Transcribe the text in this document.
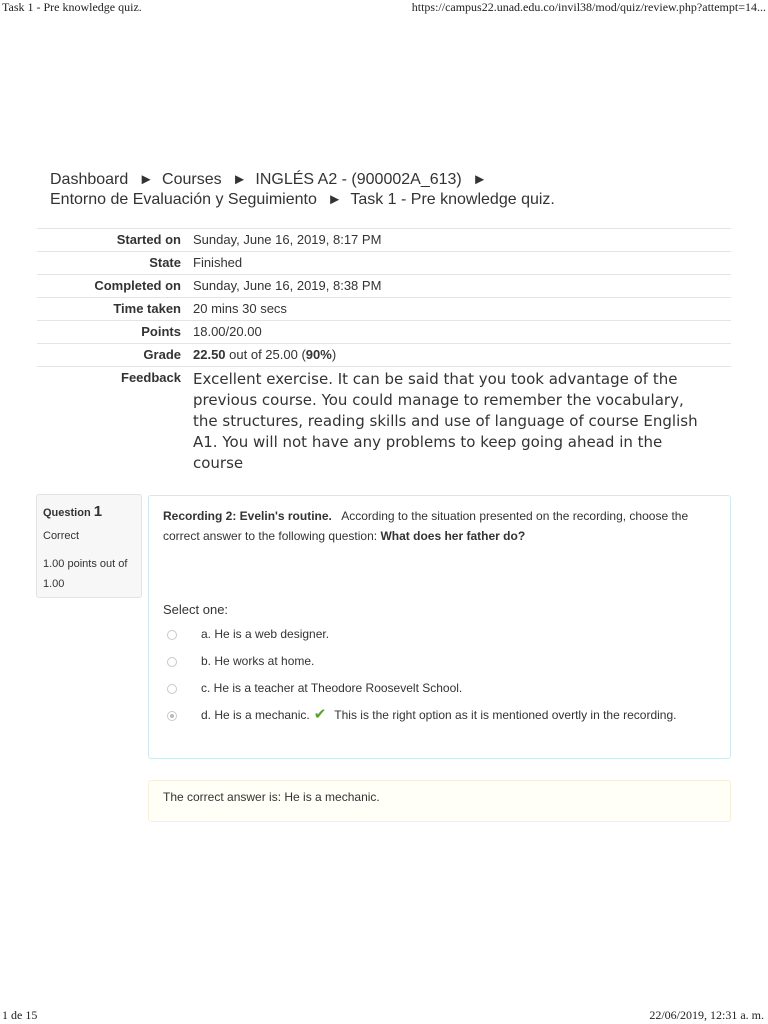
Task 1 - Pre knowledge quiz.	https://campus22.unad.edu.co/invil38/mod/quiz/review.php?attempt=14...
Dashboard ► Courses ► INGLÉS A2 - (900002A_613) ►
Entorno de Evaluación y Seguimiento ► Task 1 - Pre knowledge quiz.
Started on	Sunday, June 16, 2019, 8:17 PM
State	Finished
Completed on	Sunday, June 16, 2019, 8:38 PM
Time taken	20 mins 30 secs
Points	18.00/20.00
Grade	22.50 out of 25.00 (90%)
Feedback	Excellent exercise. It can be said that you took advantage of the previous course. You could manage to remember the vocabulary, the structures, reading skills and use of language of course English A1. You will not have any problems to keep going ahead in the course
Question 1
Correct
1.00 points out of 1.00
Recording 2: Evelin's routine. According to the situation presented on the recording, choose the correct answer to the following question: What does her father do?
Select one:
a. He is a web designer.
b. He works at home.
c. He is a teacher at Theodore Roosevelt School.
d. He is a mechanic. ✔ This is the right option as it is mentioned overtly in the recording.
The correct answer is: He is a mechanic.
1 de 15	22/06/2019, 12:31 a. m.
